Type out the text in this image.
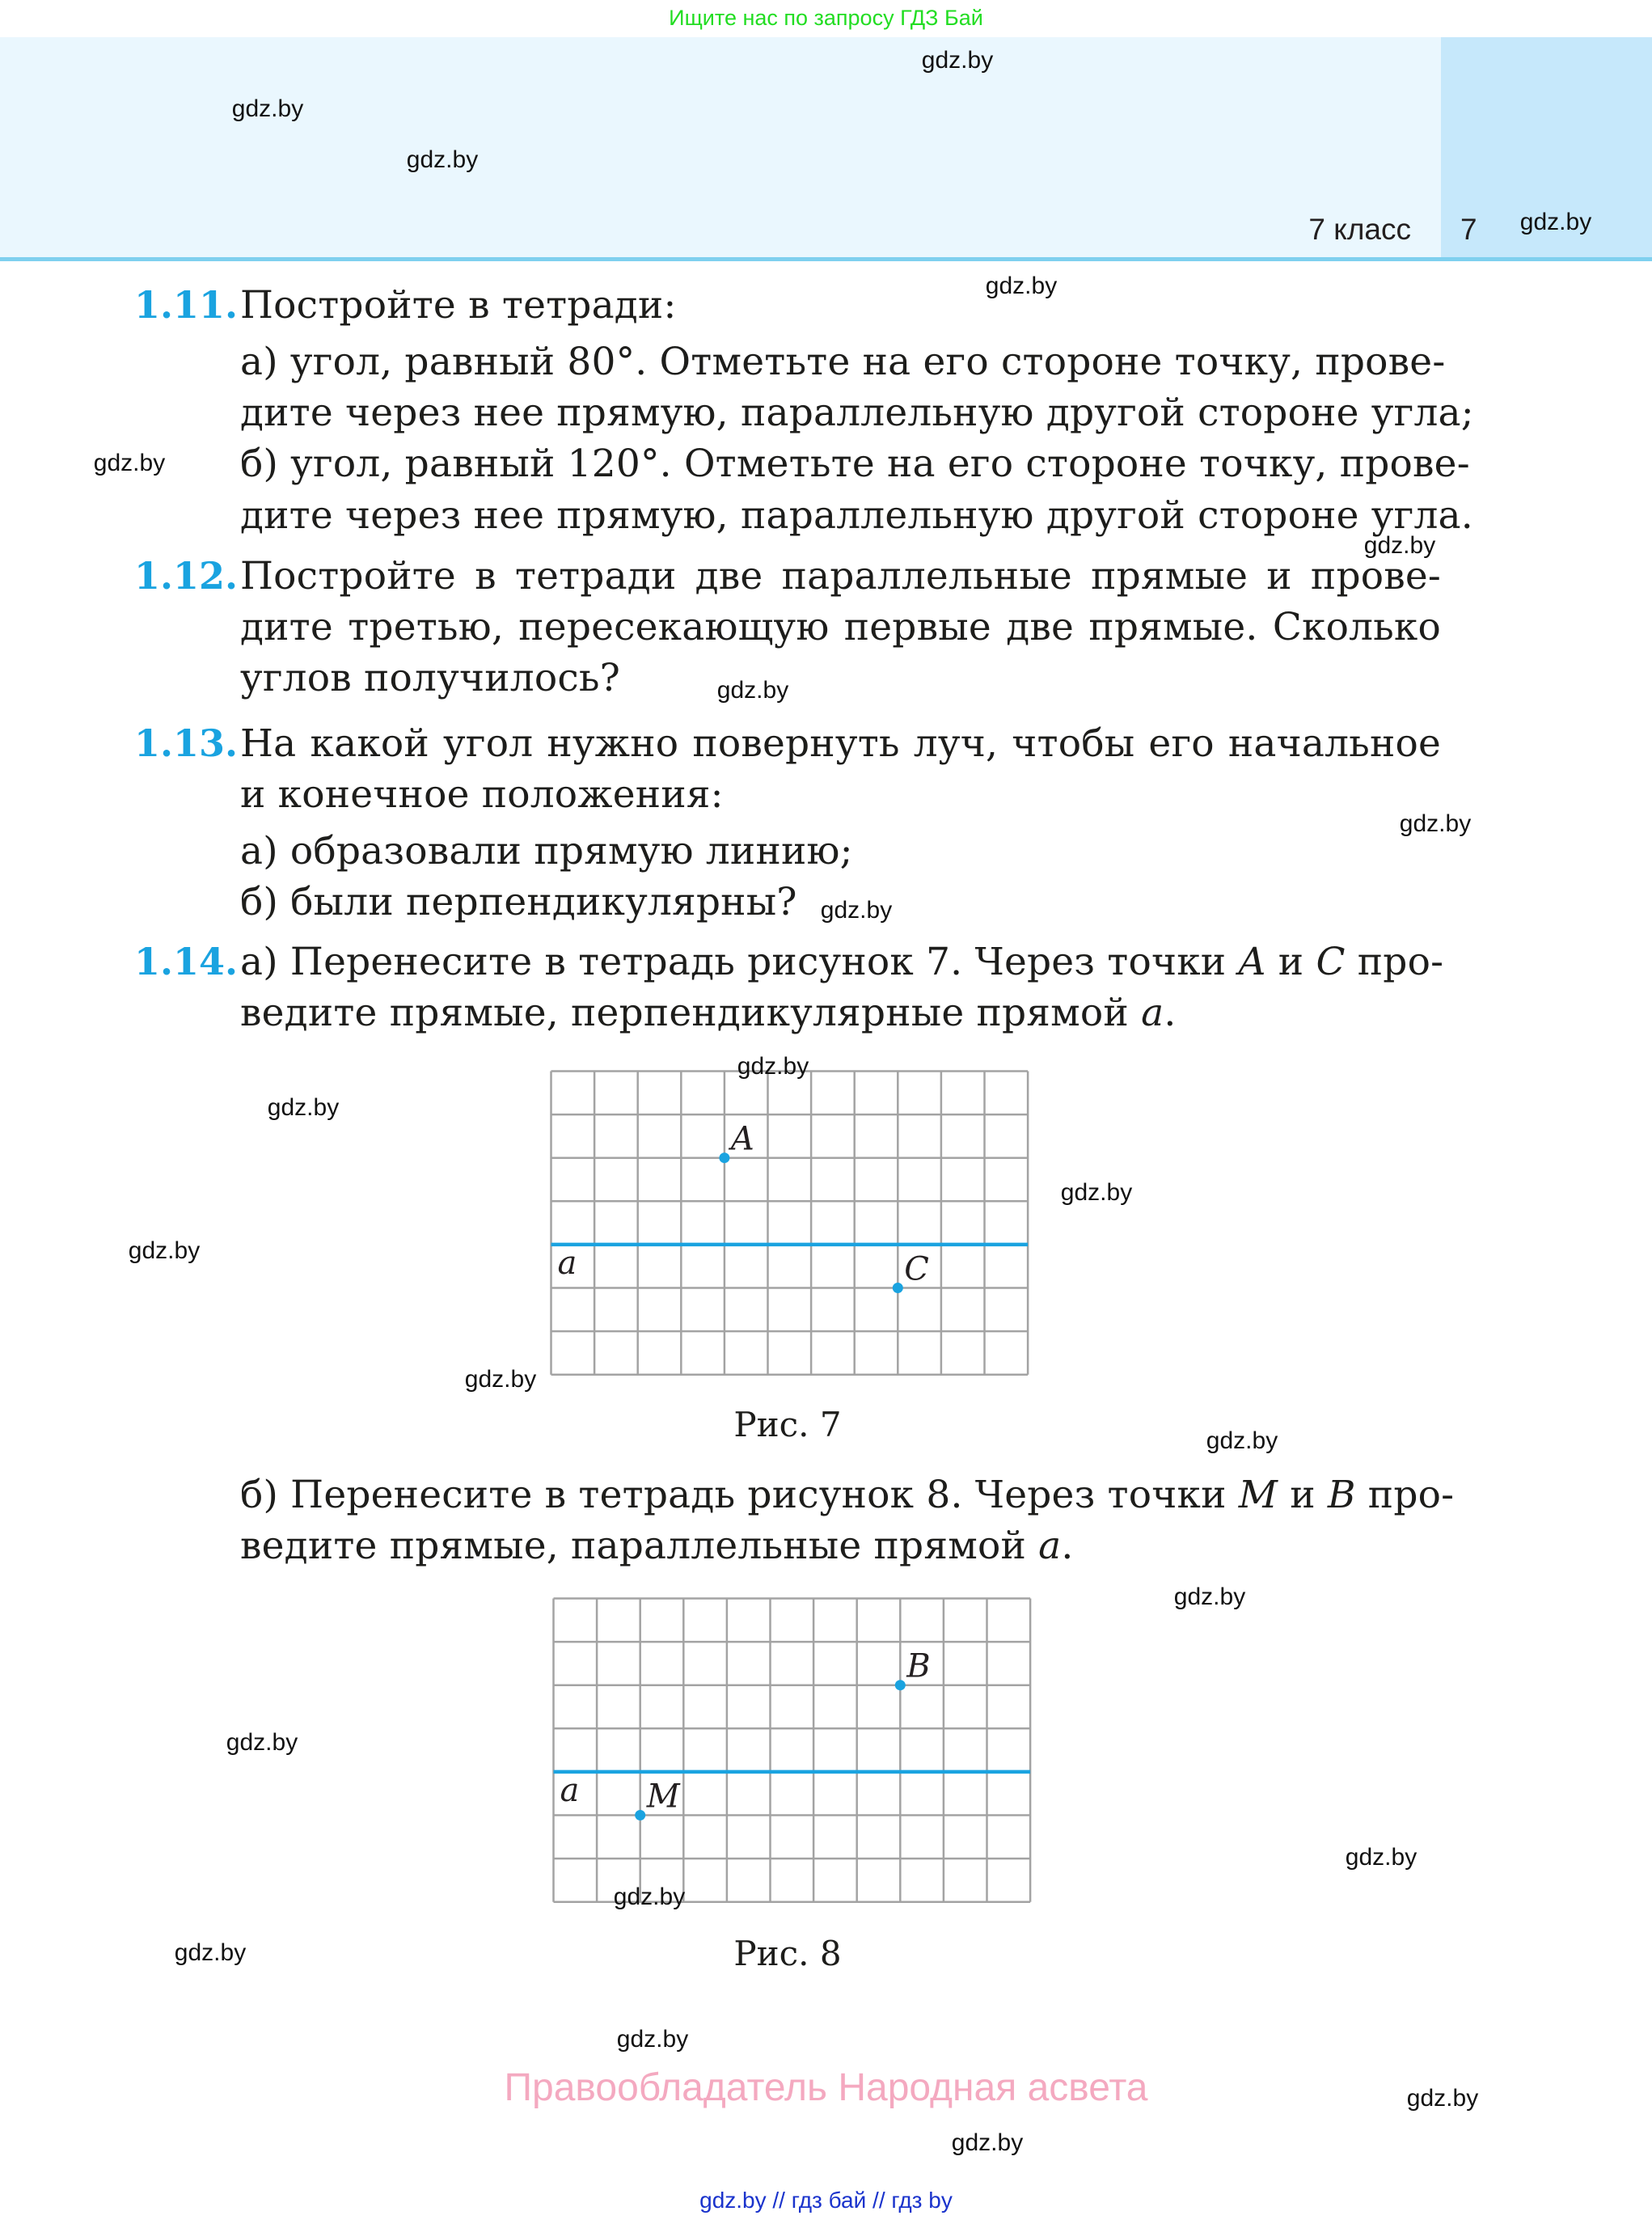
Ищите нас по запросу ГДЗ Бай
7 класс 7
1.11. Постройте в тетради:
а) угол, равный 80°. Отметьте на его стороне точку, прове-
дите через нее прямую, параллельную другой стороне угла;
б) угол, равный 120°. Отметьте на его стороне точку, прове-
дите через нее прямую, параллельную другой стороне угла.
1.12. Постройте в тетради две параллельные прямые и прове-
дите третью, пересекающую первые две прямые. Сколько
углов получилось?
1.13. На какой угол нужно повернуть луч, чтобы его начальное
и конечное положения:
а) образовали прямую линию;
б) были перпендикулярны?
1.14. а) Перенесите в тетрадь рисунок 7. Через точки A и C про-
ведите прямые, перпендикулярные прямой a.
a
A
C
Рис. 7
б) Перенесите в тетрадь рисунок 8. Через точки M и B про-
ведите прямые, параллельные прямой a.
a
B
M
Рис. 8
Правообладатель Народная асвета
gdz.by // гдз бай // гдз by
gdz.by
gdz.by
gdz.by
gdz.by
gdz.by
gdz.by
gdz.by
gdz.by
gdz.by
gdz.by
gdz.by
gdz.by
gdz.by
gdz.by
gdz.by
gdz.by
gdz.by
gdz.by
gdz.by
gdz.by
gdz.by
gdz.by
gdz.by
gdz.by
